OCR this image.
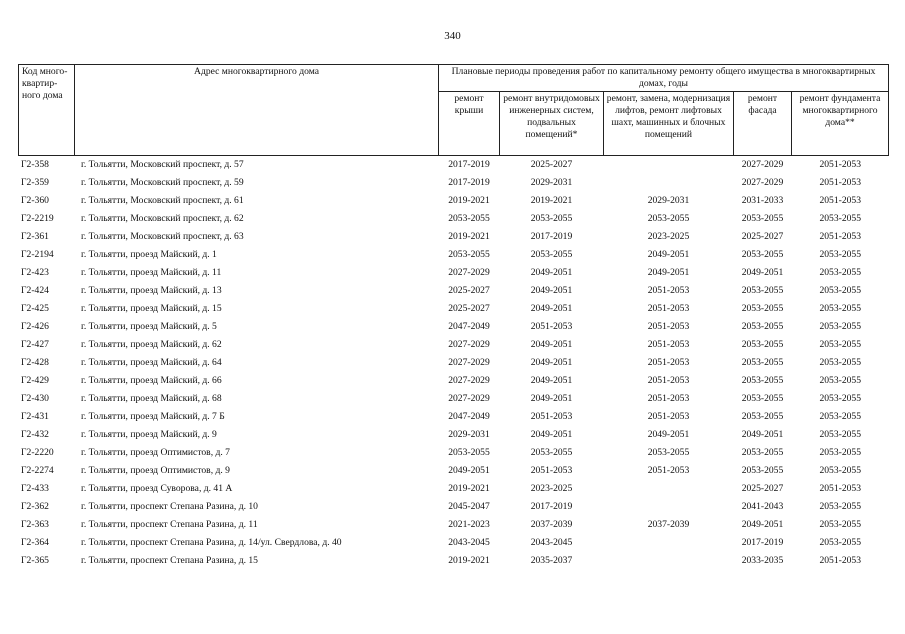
340
Код много-квартир-ного дома	Адрес многоквартирного дома	Плановые периоды проведения работ по капитальному ремонту общего имущества в многоквартирных домах, годы				
		ремонт крыши	ремонт внутридомовых инженерных систем, подвальных помещений*	ремонт, замена, модернизация лифтов, ремонт лифтовых шахт, машинных и блочных помещений	ремонт фасада	ремонт фундамента многоквартирного дома**
Г2-358	г. Тольятти, Московский проспект, д. 57	2017-2019	2025-2027		2027-2029	2051-2053
Г2-359	г. Тольятти, Московский проспект, д. 59	2017-2019	2029-2031		2027-2029	2051-2053
Г2-360	г. Тольятти, Московский проспект, д. 61	2019-2021	2019-2021	2029-2031	2031-2033	2051-2053
Г2-2219	г. Тольятти, Московский проспект, д. 62	2053-2055	2053-2055	2053-2055	2053-2055	2053-2055
Г2-361	г. Тольятти, Московский проспект, д. 63	2019-2021	2017-2019	2023-2025	2025-2027	2051-2053
Г2-2194	г. Тольятти, проезд Майский, д. 1	2053-2055	2053-2055	2049-2051	2053-2055	2053-2055
Г2-423	г. Тольятти, проезд Майский, д. 11	2027-2029	2049-2051	2049-2051	2049-2051	2053-2055
Г2-424	г. Тольятти, проезд Майский, д. 13	2025-2027	2049-2051	2051-2053	2053-2055	2053-2055
Г2-425	г. Тольятти, проезд Майский, д. 15	2025-2027	2049-2051	2051-2053	2053-2055	2053-2055
Г2-426	г. Тольятти, проезд Майский, д. 5	2047-2049	2051-2053	2051-2053	2053-2055	2053-2055
Г2-427	г. Тольятти, проезд Майский, д. 62	2027-2029	2049-2051	2051-2053	2053-2055	2053-2055
Г2-428	г. Тольятти, проезд Майский, д. 64	2027-2029	2049-2051	2051-2053	2053-2055	2053-2055
Г2-429	г. Тольятти, проезд Майский, д. 66	2027-2029	2049-2051	2051-2053	2053-2055	2053-2055
Г2-430	г. Тольятти, проезд Майский, д. 68	2027-2029	2049-2051	2051-2053	2053-2055	2053-2055
Г2-431	г. Тольятти, проезд Майский, д. 7 Б	2047-2049	2051-2053	2051-2053	2053-2055	2053-2055
Г2-432	г. Тольятти, проезд Майский, д. 9	2029-2031	2049-2051	2049-2051	2049-2051	2053-2055
Г2-2220	г. Тольятти, проезд Оптимистов, д. 7	2053-2055	2053-2055	2053-2055	2053-2055	2053-2055
Г2-2274	г. Тольятти, проезд Оптимистов, д. 9	2049-2051	2051-2053	2051-2053	2053-2055	2053-2055
Г2-433	г. Тольятти, проезд Суворова, д. 41 А	2019-2021	2023-2025		2025-2027	2051-2053
Г2-362	г. Тольятти, проспект Степана Разина, д. 10	2045-2047	2017-2019		2041-2043	2053-2055
Г2-363	г. Тольятти, проспект Степана Разина, д. 11	2021-2023	2037-2039	2037-2039	2049-2051	2053-2055
Г2-364	г. Тольятти, проспект Степана Разина, д. 14/ул. Свердлова, д. 40	2043-2045	2043-2045		2017-2019	2053-2055
Г2-365	г. Тольятти, проспект Степана Разина, д. 15	2019-2021	2035-2037		2033-2035	2051-2053
